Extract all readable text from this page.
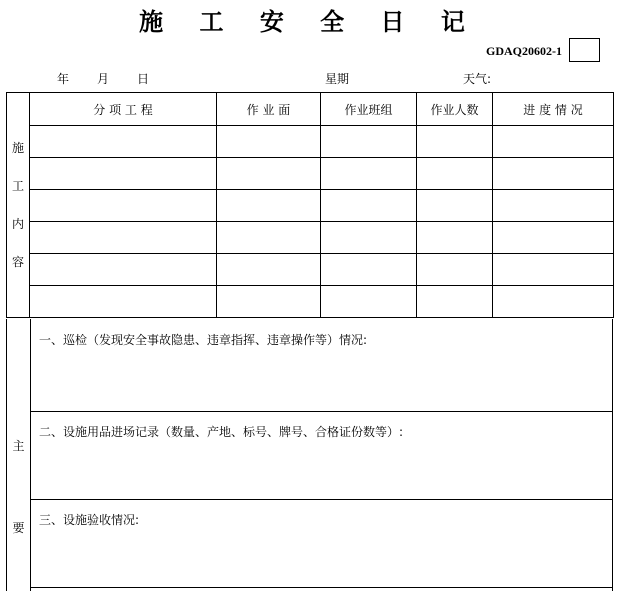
施 工 安 全 日 记
GDAQ20602-1
年 月 日	星期	天气:
施
工
内
容	分 项 工 程	作 业 面	作业班组	作业人数	进 度 情 况

主
要
一、巡检（发现安全事故隐患、违章指挥、违章操作等）情况:
二、设施用品进场记录（数量、产地、标号、牌号、合格证份数等）:
三、设施验收情况:
